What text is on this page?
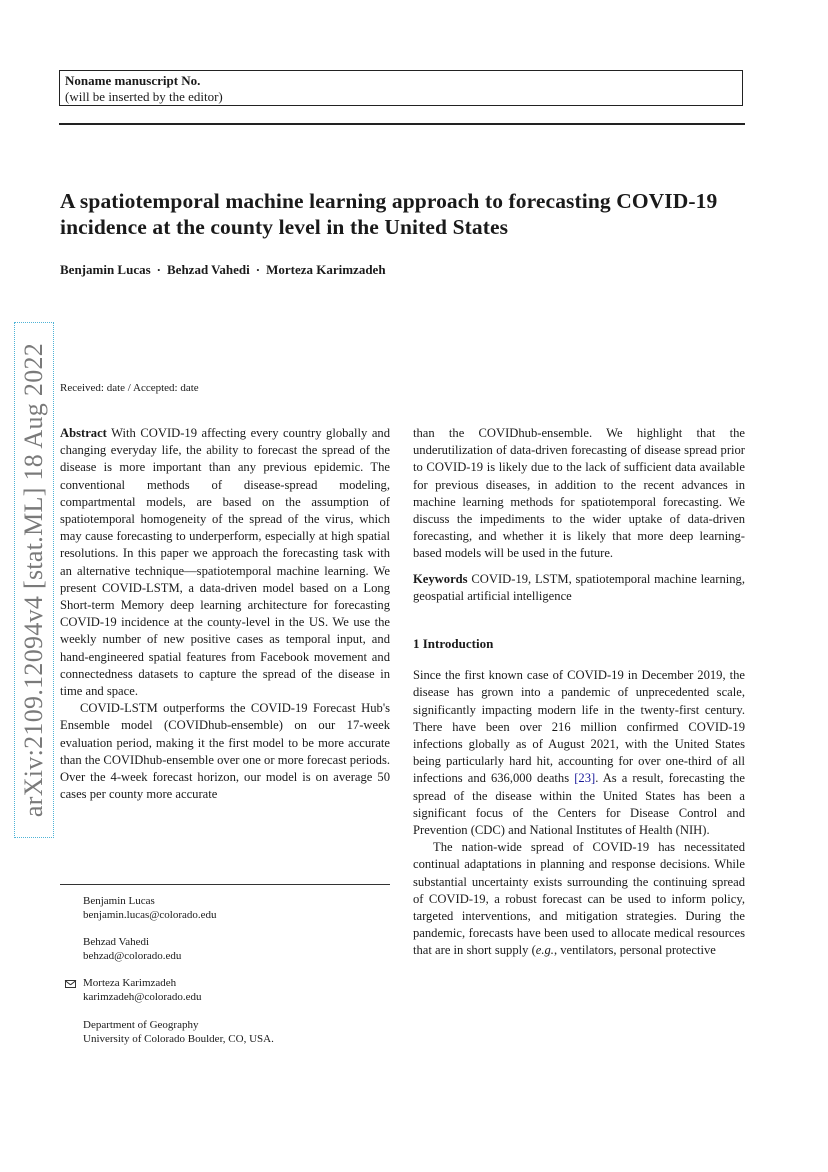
Noname manuscript No.
(will be inserted by the editor)
A spatiotemporal machine learning approach to forecasting COVID-19 incidence at the county level in the United States
Benjamin Lucas · Behzad Vahedi · Morteza Karimzadeh
arXiv:2109.12094v4 [stat.ML] 18 Aug 2022 Received: date / Accepted: date

Abstract With COVID-19 affecting every country globally and changing everyday life, the ability to forecast the spread of the disease is more important than any previous epidemic. The conventional methods of disease-spread modeling, compartmental models, are based on the assumption of spatiotemporal homogeneity of the spread of the virus, which may cause forecasting to underperform, especially at high spatial resolutions. In this paper we approach the forecasting task with an alternative technique—spatiotemporal machine learning. We present COVID-LSTM, a data-driven model based on a Long Short-term Memory deep learning architecture for forecasting COVID-19 incidence at the county-level in the US. We use the weekly number of new positive cases as temporal input, and hand-engineered spatial features from Facebook movement and connectedness datasets to capture the spread of the disease in time and space.

COVID-LSTM outperforms the COVID-19 Forecast Hub's Ensemble model (COVIDhub-ensemble) on our 17-week evaluation period, making it the first model to be more accurate than the COVIDhub-ensemble over one or more forecast periods. Over the 4-week forecast horizon, our model is on average 50 cases per county more accurate

Benjamin Lucas
benjamin.lucas@colorado.edu
Behzad Vahedi
behzad@colorado.edu
Morteza Karimzadeh
karimzadeh@colorado.edu
Department of Geography
University of Colorado Boulder, CO, USA.

than the COVIDhub-ensemble. We highlight that the underutilization of data-driven forecasting of disease spread prior to COVID-19 is likely due to the lack of sufficient data available for previous diseases, in addition to the recent advances in machine learning methods for spatiotemporal forecasting. We discuss the impediments to the wider uptake of data-driven forecasting, and whether it is likely that more deep learning-based models will be used in the future.

Keywords COVID-19, LSTM, spatiotemporal machine learning, geospatial artificial intelligence

1 Introduction

Since the first known case of COVID-19 in December 2019, the disease has grown into a pandemic of unprecedented scale, significantly impacting modern life in the twenty-first century. There have been over 216 million confirmed COVID-19 infections globally as of August 2021, with the United States being particularly hard hit, accounting for over one-third of all infections and 636,000 deaths [23]. As a result, forecasting the spread of the disease within the United States has been a significant focus of the Centers for Disease Control and Prevention (CDC) and National Institutes of Health (NIH).

The nation-wide spread of COVID-19 has necessitated continual adaptations in planning and response decisions. While substantial uncertainty exists surrounding the continuing spread of COVID-19, a robust forecast can be used to inform policy, targeted interventions, and mitigation strategies. During the pandemic, forecasts have been used to allocate medical resources that are in short supply (e.g., ventilators, personal protective
